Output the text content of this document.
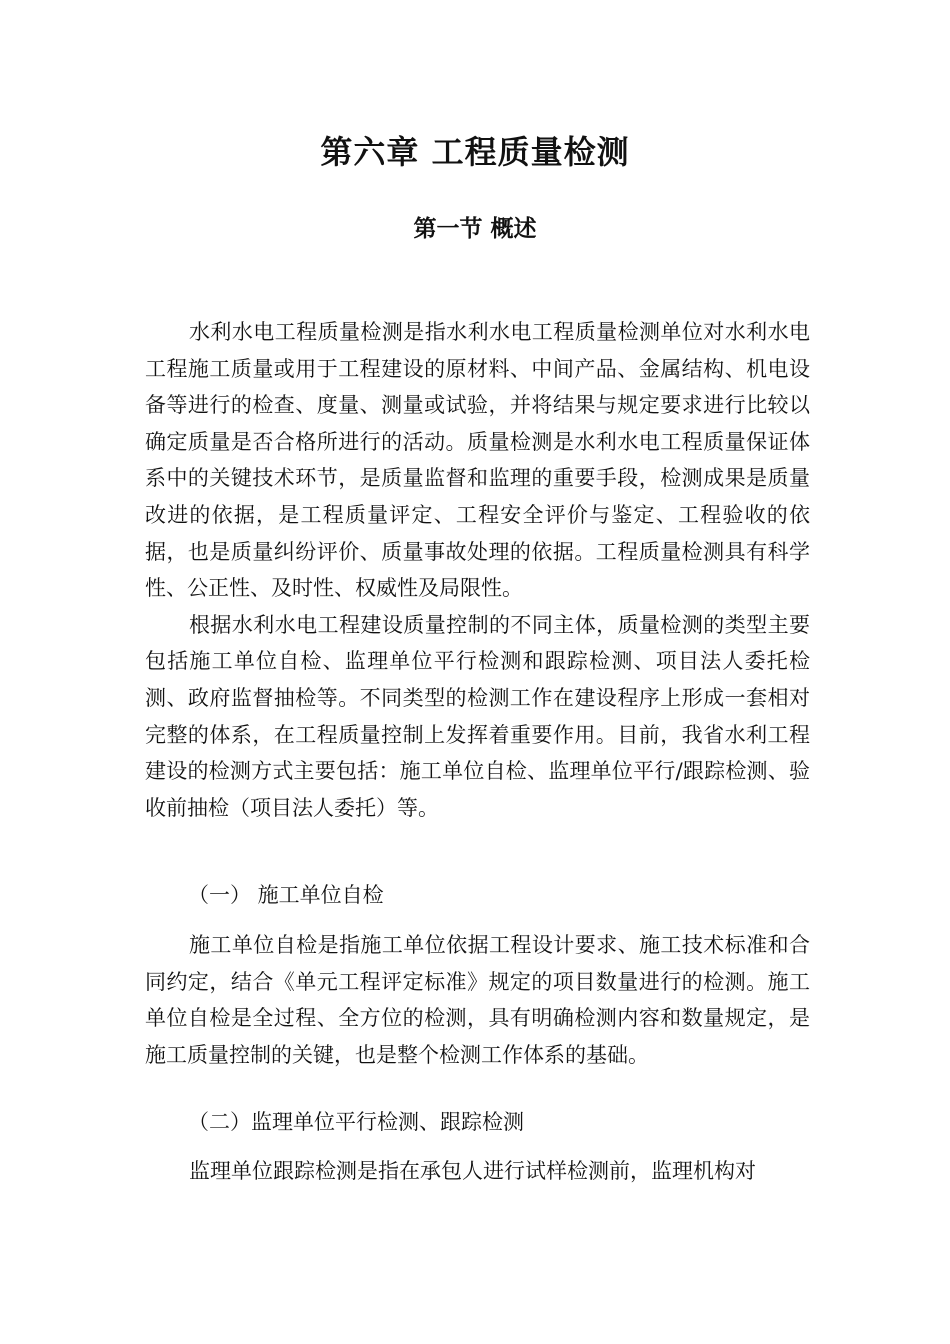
第六章 工程质量检测
第一节 概述

水利水电工程质量检测是指水利水电工程质量检测单位对水利水电工程施工质量或用于工程建设的原材料、中间产品、金属结构、机电设备等进行的检查、度量、测量或试验，并将结果与规定要求进行比较以确定质量是否合格所进行的活动。质量检测是水利水电工程质量保证体系中的关键技术环节，是质量监督和监理的重要手段，检测成果是质量改进的依据，是工程质量评定、工程安全评价与鉴定、工程验收的依据，也是质量纠纷评价、质量事故处理的依据。工程质量检测具有科学性、公正性、及时性、权威性及局限性。

根据水利水电工程建设质量控制的不同主体，质量检测的类型主要包括施工单位自检、监理单位平行检测和跟踪检测、项目法人委托检测、政府监督抽检等。不同类型的检测工作在建设程序上形成一套相对完整的体系，在工程质量控制上发挥着重要作用。目前，我省水利工程建设的检测方式主要包括：施工单位自检、监理单位平行/跟踪检测、验收前抽检（项目法人委托）等。

（一） 施工单位自检

施工单位自检是指施工单位依据工程设计要求、施工技术标准和合同约定，结合《单元工程评定标准》规定的项目数量进行的检测。施工单位自检是全过程、全方位的检测，具有明确检测内容和数量规定，是施工质量控制的关键，也是整个检测工作体系的基础。

（二）监理单位平行检测、跟踪检测

监理单位跟踪检测是指在承包人进行试样检测前，监理机构对
